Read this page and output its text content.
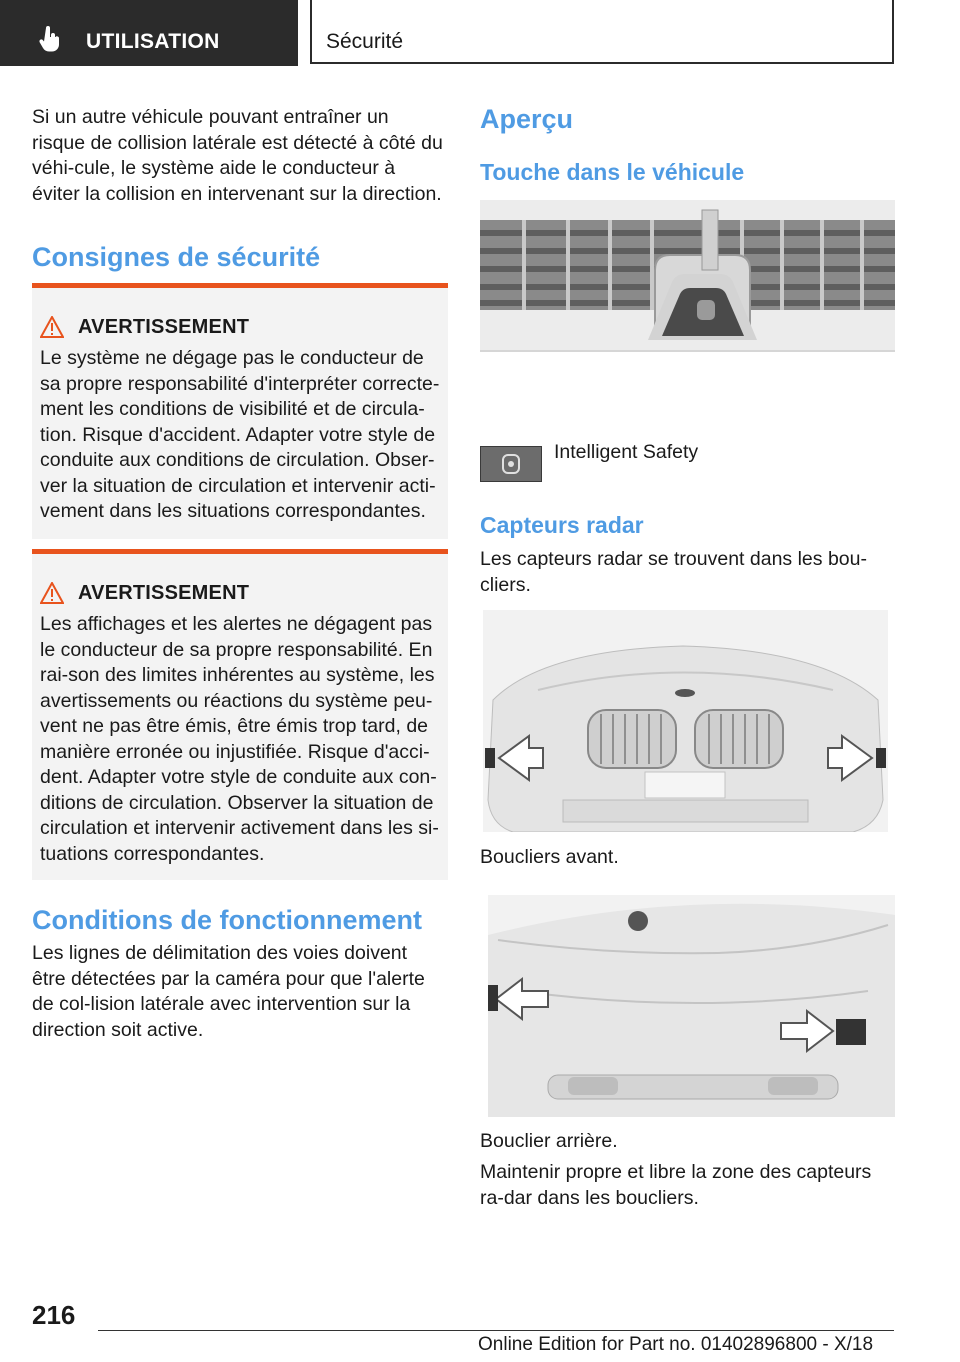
UTILISATION	Sécurité

Si un autre véhicule pouvant entraîner un risque de collision latérale est détecté à côté du véhi-cule, le système aide le conducteur à éviter la collision en intervenant sur la direction.

Consignes de sécurité
AVERTISSEMENT

Le système ne dégage pas le conducteur de sa propre responsabilité d'interpréter correcte-ment les conditions de visibilité et de circula-tion. Risque d'accident. Adapter votre style de conduite aux conditions de circulation. Obser-ver la situation de circulation et intervenir acti-vement dans les situations correspondantes.

AVERTISSEMENT

Les affichages et les alertes ne dégagent pas le conducteur de sa propre responsabilité. En rai-son des limites inhérentes au système, les avertissements ou réactions du système peu-vent ne pas être émis, être émis trop tard, de manière erronée ou injustifiée. Risque d'acci-dent. Adapter votre style de conduite aux con-ditions de circulation. Observer la situation de circulation et intervenir activement dans les si-tuations correspondantes.

Conditions de fonctionnement

Les lignes de délimitation des voies doivent être détectées par la caméra pour que l'alerte de col-lision latérale avec intervention sur la direction soit active.

Aperçu
Touche dans le véhicule
Intelligent Safety
Capteurs radar

Les capteurs radar se trouvent dans les bou-cliers.

Boucliers avant.
Bouclier arrière.

Maintenir propre et libre la zone des capteurs ra-dar dans les boucliers.

216
Online Edition for Part no. 01402896800 - X/18
